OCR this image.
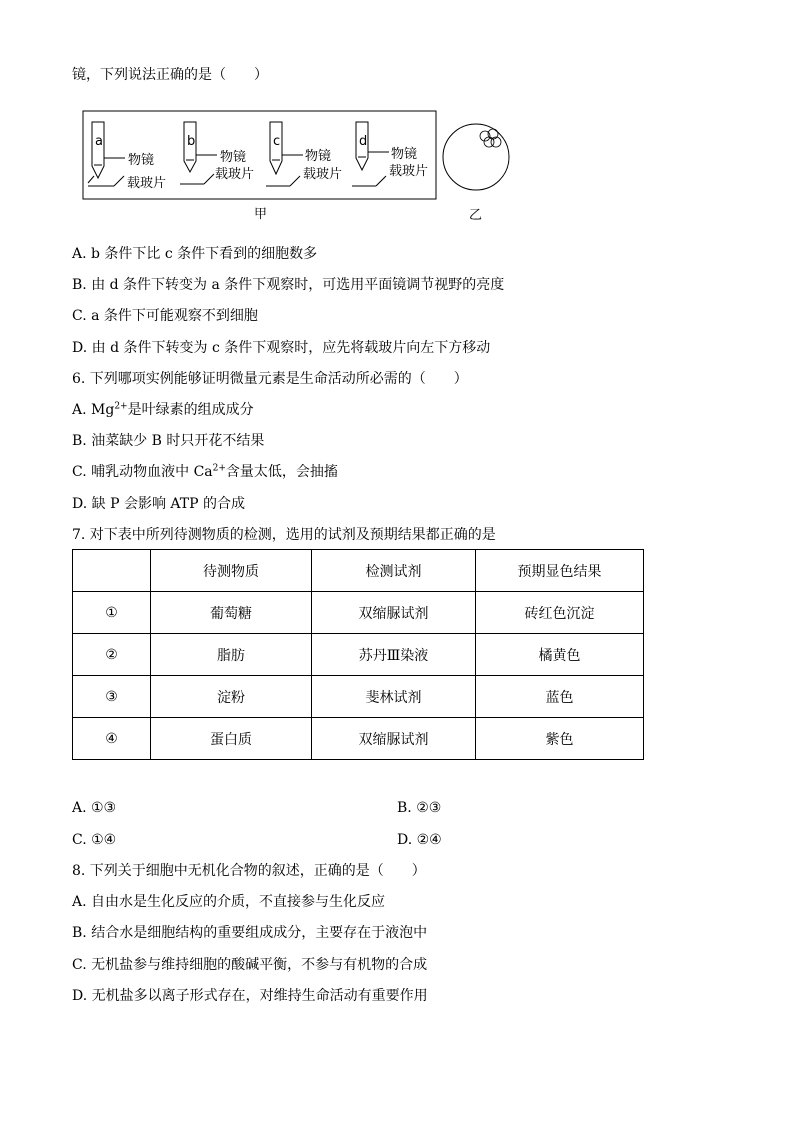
镜，下列说法正确的是（　　）
a	b	c	d
物镜
载玻片
物镜
载玻片
物镜
载玻片
物镜
载玻片
甲	乙
A. b 条件下比 c 条件下看到的细胞数多
B. 由 d 条件下转变为 a 条件下观察时，可选用平面镜调节视野的亮度
C. a 条件下可能观察不到细胞
D. 由 d 条件下转变为 c 条件下观察时，应先将载玻片向左下方移动
6. 下列哪项实例能够证明微量元素是生命活动所必需的（　　）
A. $Mg^{2+}$是叶绿素的组成成分
B. 油菜缺少 B 时只开花不结果
C. 哺乳动物血液中 $Ca^{2+}$含量太低，会抽搐
D. 缺 P 会影响 ATP 的合成
7. 对下表中所列待测物质的检测，选用的试剂及预期结果都正确的是
	待测物质	检测试剂	预期显色结果
①	葡萄糖	双缩脲试剂	砖红色沉淀
②	脂肪	苏丹Ⅲ染液	橘黄色
③	淀粉	斐林试剂	蓝色
④	蛋白质	双缩脲试剂	紫色
A. ①③	B. ②③
C. ①④	D. ②④
8. 下列关于细胞中无机化合物的叙述，正确的是（　　）
A. 自由水是生化反应的介质，不直接参与生化反应
B. 结合水是细胞结构的重要组成成分，主要存在于液泡中
C. 无机盐参与维持细胞的酸碱平衡，不参与有机物的合成
D. 无机盐多以离子形式存在，对维持生命活动有重要作用
